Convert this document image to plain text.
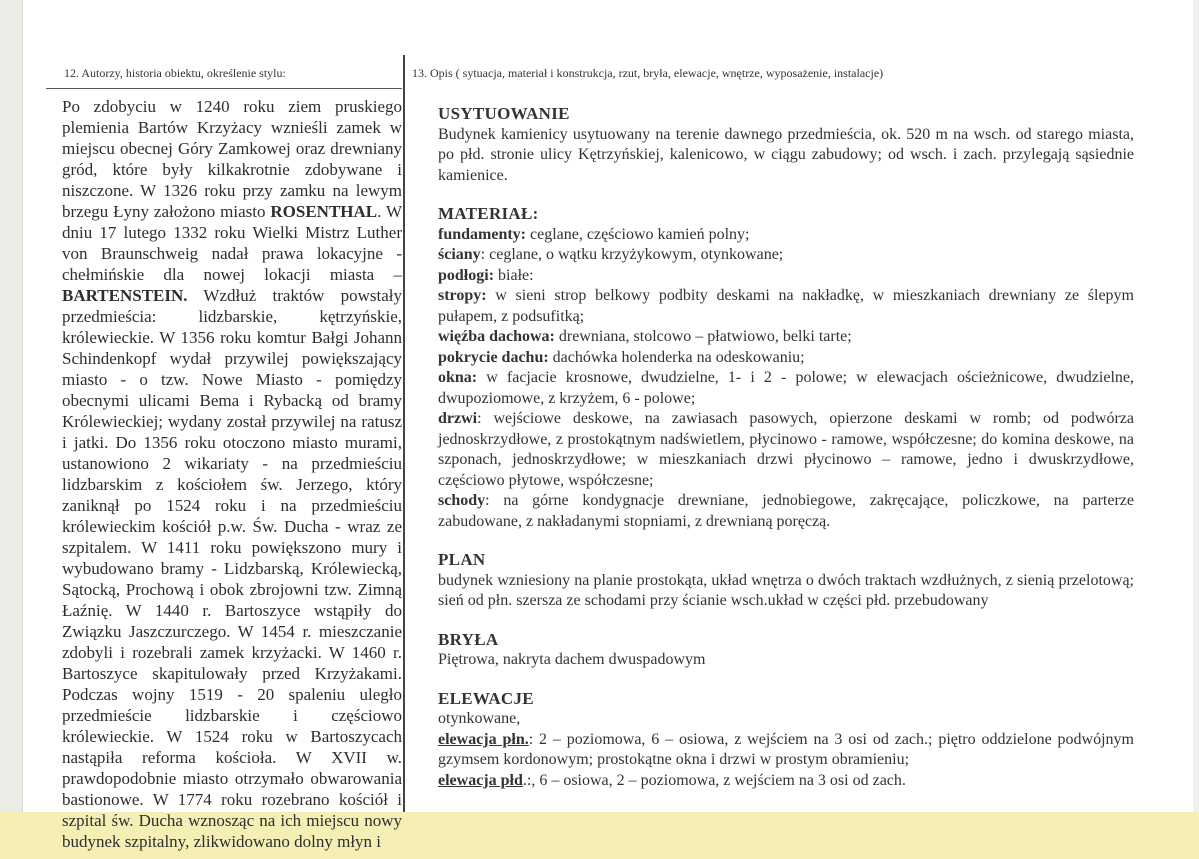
12. Autorzy, historia obiektu, określenie stylu:	13. Opis ( sytuacja, materiał i konstrukcja, rzut, bryła, elewacje, wnętrze, wyposażenie, instalacje)
Po zdobyciu w 1240 roku ziem pruskiego plemienia Bartów Krzyżacy wznieśli zamek w miejscu obecnej Góry Zamkowej oraz drewniany gród, które były kilkakrotnie zdobywane i niszczone. W 1326 roku przy zamku na lewym brzegu Łyny założono miasto ROSENTHAL. W dniu 17 lutego 1332 roku Wielki Mistrz Luther von Braunschweig nadał prawa lokacyjne - chełmińskie dla nowej lokacji miasta – BARTENSTEIN. Wzdłuż traktów powstały przedmieścia: lidzbarskie, kętrzyńskie, królewieckie. W 1356 roku komtur Bałgi Johann Schindenkopf wydał przywilej powiększający miasto - o tzw. Nowe Miasto - pomiędzy obecnymi ulicami Bema i Rybacką od bramy Królewieckiej; wydany został przywilej na ratusz i jatki. Do 1356 roku otoczono miasto murami, ustanowiono 2 wikariaty - na przedmieściu lidzbarskim z kościołem św. Jerzego, który zaniknął po 1524 roku i na przedmieściu królewieckim kościół p.w. Św. Ducha - wraz ze szpitalem. W 1411 roku powiększono mury i wybudowano bramy - Lidzbarską, Królewiecką, Sątocką, Prochową i obok zbrojowni tzw. Zimną Łaźnię. W 1440 r. Bartoszyce wstąpiły do Związku Jaszczurczego. W 1454 r. mieszczanie zdobyli i rozebrali zamek krzyżacki. W 1460 r. Bartoszyce skapitulowały przed Krzyżakami. Podczas wojny 1519 - 20 spaleniu uległo przedmieście lidzbarskie i częściowo królewieckie. W 1524 roku w Bartoszycach nastąpiła reforma kościoła. W XVII w. prawdopodobnie miasto otrzymało obwarowania bastionowe. W 1774 roku rozebrano kościół i szpital św. Ducha wznosząc na ich miejscu nowy budynek szpitalny, zlikwidowano dolny młyn i

USYTUOWANIE

Budynek kamienicy usytuowany na terenie dawnego przedmieścia, ok. 520 m na wsch. od starego miasta, po płd. stronie ulicy Kętrzyńskiej, kalenicowo, w ciągu zabudowy; od wsch. i zach. przylegają sąsiednie kamienice.

MATERIAŁ:

fundamenty: ceglane, częściowo kamień polny;

ściany: ceglane, o wątku krzyżykowym, otynkowane;

podłogi: białe:

stropy: w sieni strop belkowy podbity deskami na nakładkę, w mieszkaniach drewniany ze ślepym pułapem, z podsufitką;

więźba dachowa: drewniana, stolcowo – płatwiowo, belki tarte;

pokrycie dachu: dachówka holenderka na odeskowaniu;

okna: w facjacie krosnowe, dwudzielne, 1- i 2 - polowe; w elewacjach ościeżnicowe, dwudzielne, dwupoziomowe, z krzyżem, 6 - polowe;

drzwi: wejściowe deskowe, na zawiasach pasowych, opierzone deskami w romb; od podwórza jednoskrzydłowe, z prostokątnym nadświetlem, płycinowo - ramowe, współczesne; do komina deskowe, na szponach, jednoskrzydłowe; w mieszkaniach drzwi płycinowo – ramowe, jedno i dwuskrzydłowe, częściowo płytowe, współczesne;

schody: na górne kondygnacje drewniane, jednobiegowe, zakręcające, policzkowe, na parterze zabudowane, z nakładanymi stopniami, z drewnianą poręczą.

PLAN

budynek wzniesiony na planie prostokąta, układ wnętrza o dwóch traktach wzdłużnych, z sienią przelotową; sień od płn. szersza ze schodami przy ścianie wsch.układ w części płd. przebudowany

BRYŁA

Piętrowa, nakryta dachem dwuspadowym

ELEWACJE

otynkowane,

elewacja płn.: 2 – poziomowa, 6 – osiowa, z wejściem na 3 osi od zach.; piętro oddzielone podwójnym gzymsem kordonowym; prostokątne okna i drzwi w prostym obramieniu;

elewacja płd.:, 6 – osiowa, 2 – poziomowa, z wejściem na 3 osi od zach.
